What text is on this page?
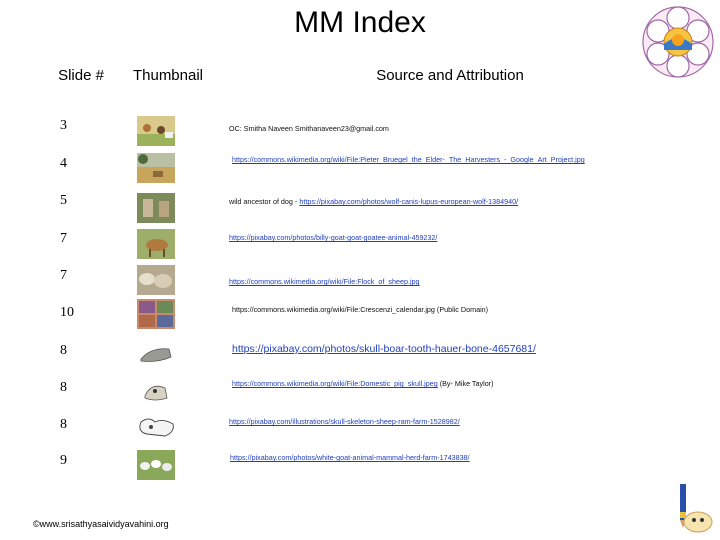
MM Index
Slide #	Thumbnail	Source and Attribution
3	OC: Smitha Naveen Smithanaveen23@gmail.com
4	https://commons.wikimedia.org/wiki/File:Pieter_Bruegel_the_Elder-_The_Harvesters_-_Google_Art_Project.jpg
5	wild ancestor of dog - https://pixabay.com/photos/wolf-canis-lupus-european-wolf-1384940/
7	https://pixabay.com/photos/billy-goat-goat-goatee-animal-459232/
7	https://commons.wikimedia.org/wiki/File:Flock_of_sheep.jpg
10	https://commons.wikimedia.org/wiki/File:Crescenzi_calendar.jpg (Public Domain)
8	https://pixabay.com/photos/skull-boar-tooth-hauer-bone-4657681/
8	https://commons.wikimedia.org/wiki/File:Domestic_pig_skull.jpeg (By- Mike Taylor)
8	https://pixabay.com/illustrations/skull-skeleton-sheep-ram-farm-1528982/
9	https://pixabay.com/photos/white-goat-animal-mammal-herd-farm-1743838/
©www.srisathyasaividyavahini.org
